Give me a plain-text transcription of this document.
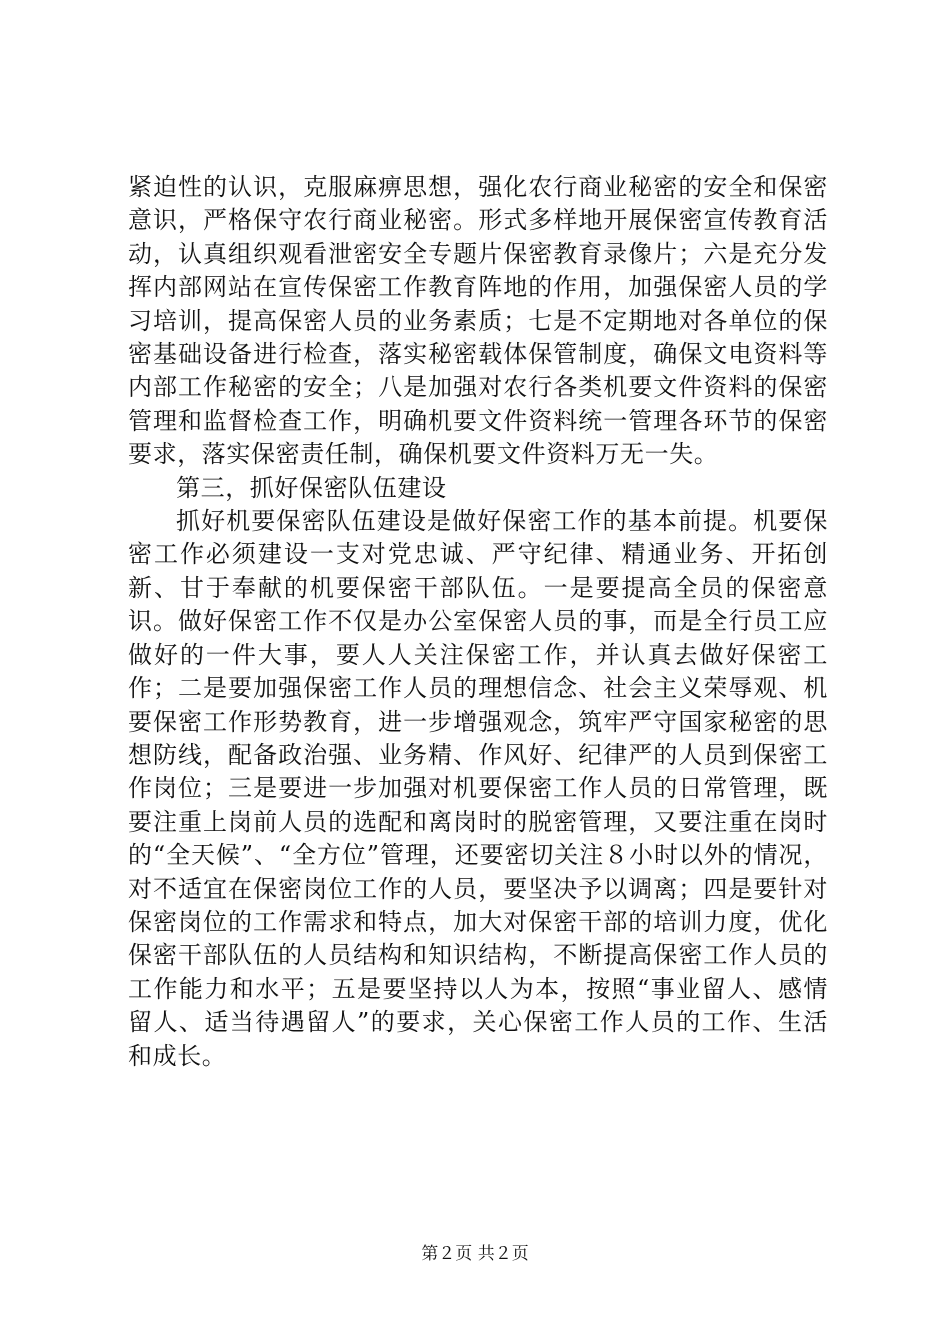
紧迫性的认识，克服麻痹思想，强化农行商业秘密的安全和保密意识，严格保守农行商业秘密。形式多样地开展保密宣传教育活动，认真组织观看泄密安全专题片保密教育录像片；六是充分发挥内部网站在宣传保密工作教育阵地的作用，加强保密人员的学习培训，提高保密人员的业务素质；七是不定期地对各单位的保密基础设备进行检查，落实秘密载体保管制度，确保文电资料等内部工作秘密的安全；八是加强对农行各类机要文件资料的保密管理和监督检查工作，明确机要文件资料统一管理各环节的保密要求，落实保密责任制，确保机要文件资料万无一失。

第三，抓好保密队伍建设

抓好机要保密队伍建设是做好保密工作的基本前提。机要保密工作必须建设一支对党忠诚、严守纪律、精通业务、开拓创新、甘于奉献的机要保密干部队伍。一是要提高全员的保密意识。做好保密工作不仅是办公室保密人员的事，而是全行员工应做好的一件大事，要人人关注保密工作，并认真去做好保密工作；二是要加强保密工作人员的理想信念、社会主义荣辱观、机要保密工作形势教育，进一步增强观念，筑牢严守国家秘密的思想防线，配备政治强、业务精、作风好、纪律严的人员到保密工作岗位；三是要进一步加强对机要保密工作人员的日常管理，既要注重上岗前人员的选配和离岗时的脱密管理，又要注重在岗时的“全天候”、“全方位”管理，还要密切关注８小时以外的情况，对不适宜在保密岗位工作的人员，要坚决予以调离；四是要针对保密岗位的工作需求和特点，加大对保密干部的培训力度，优化保密干部队伍的人员结构和知识结构，不断提高保密工作人员的工作能力和水平；五是要坚持以人为本，按照“事业留人、感情留人、适当待遇留人”的要求，关心保密工作人员的工作、生活和成长。

第２页 共２页
